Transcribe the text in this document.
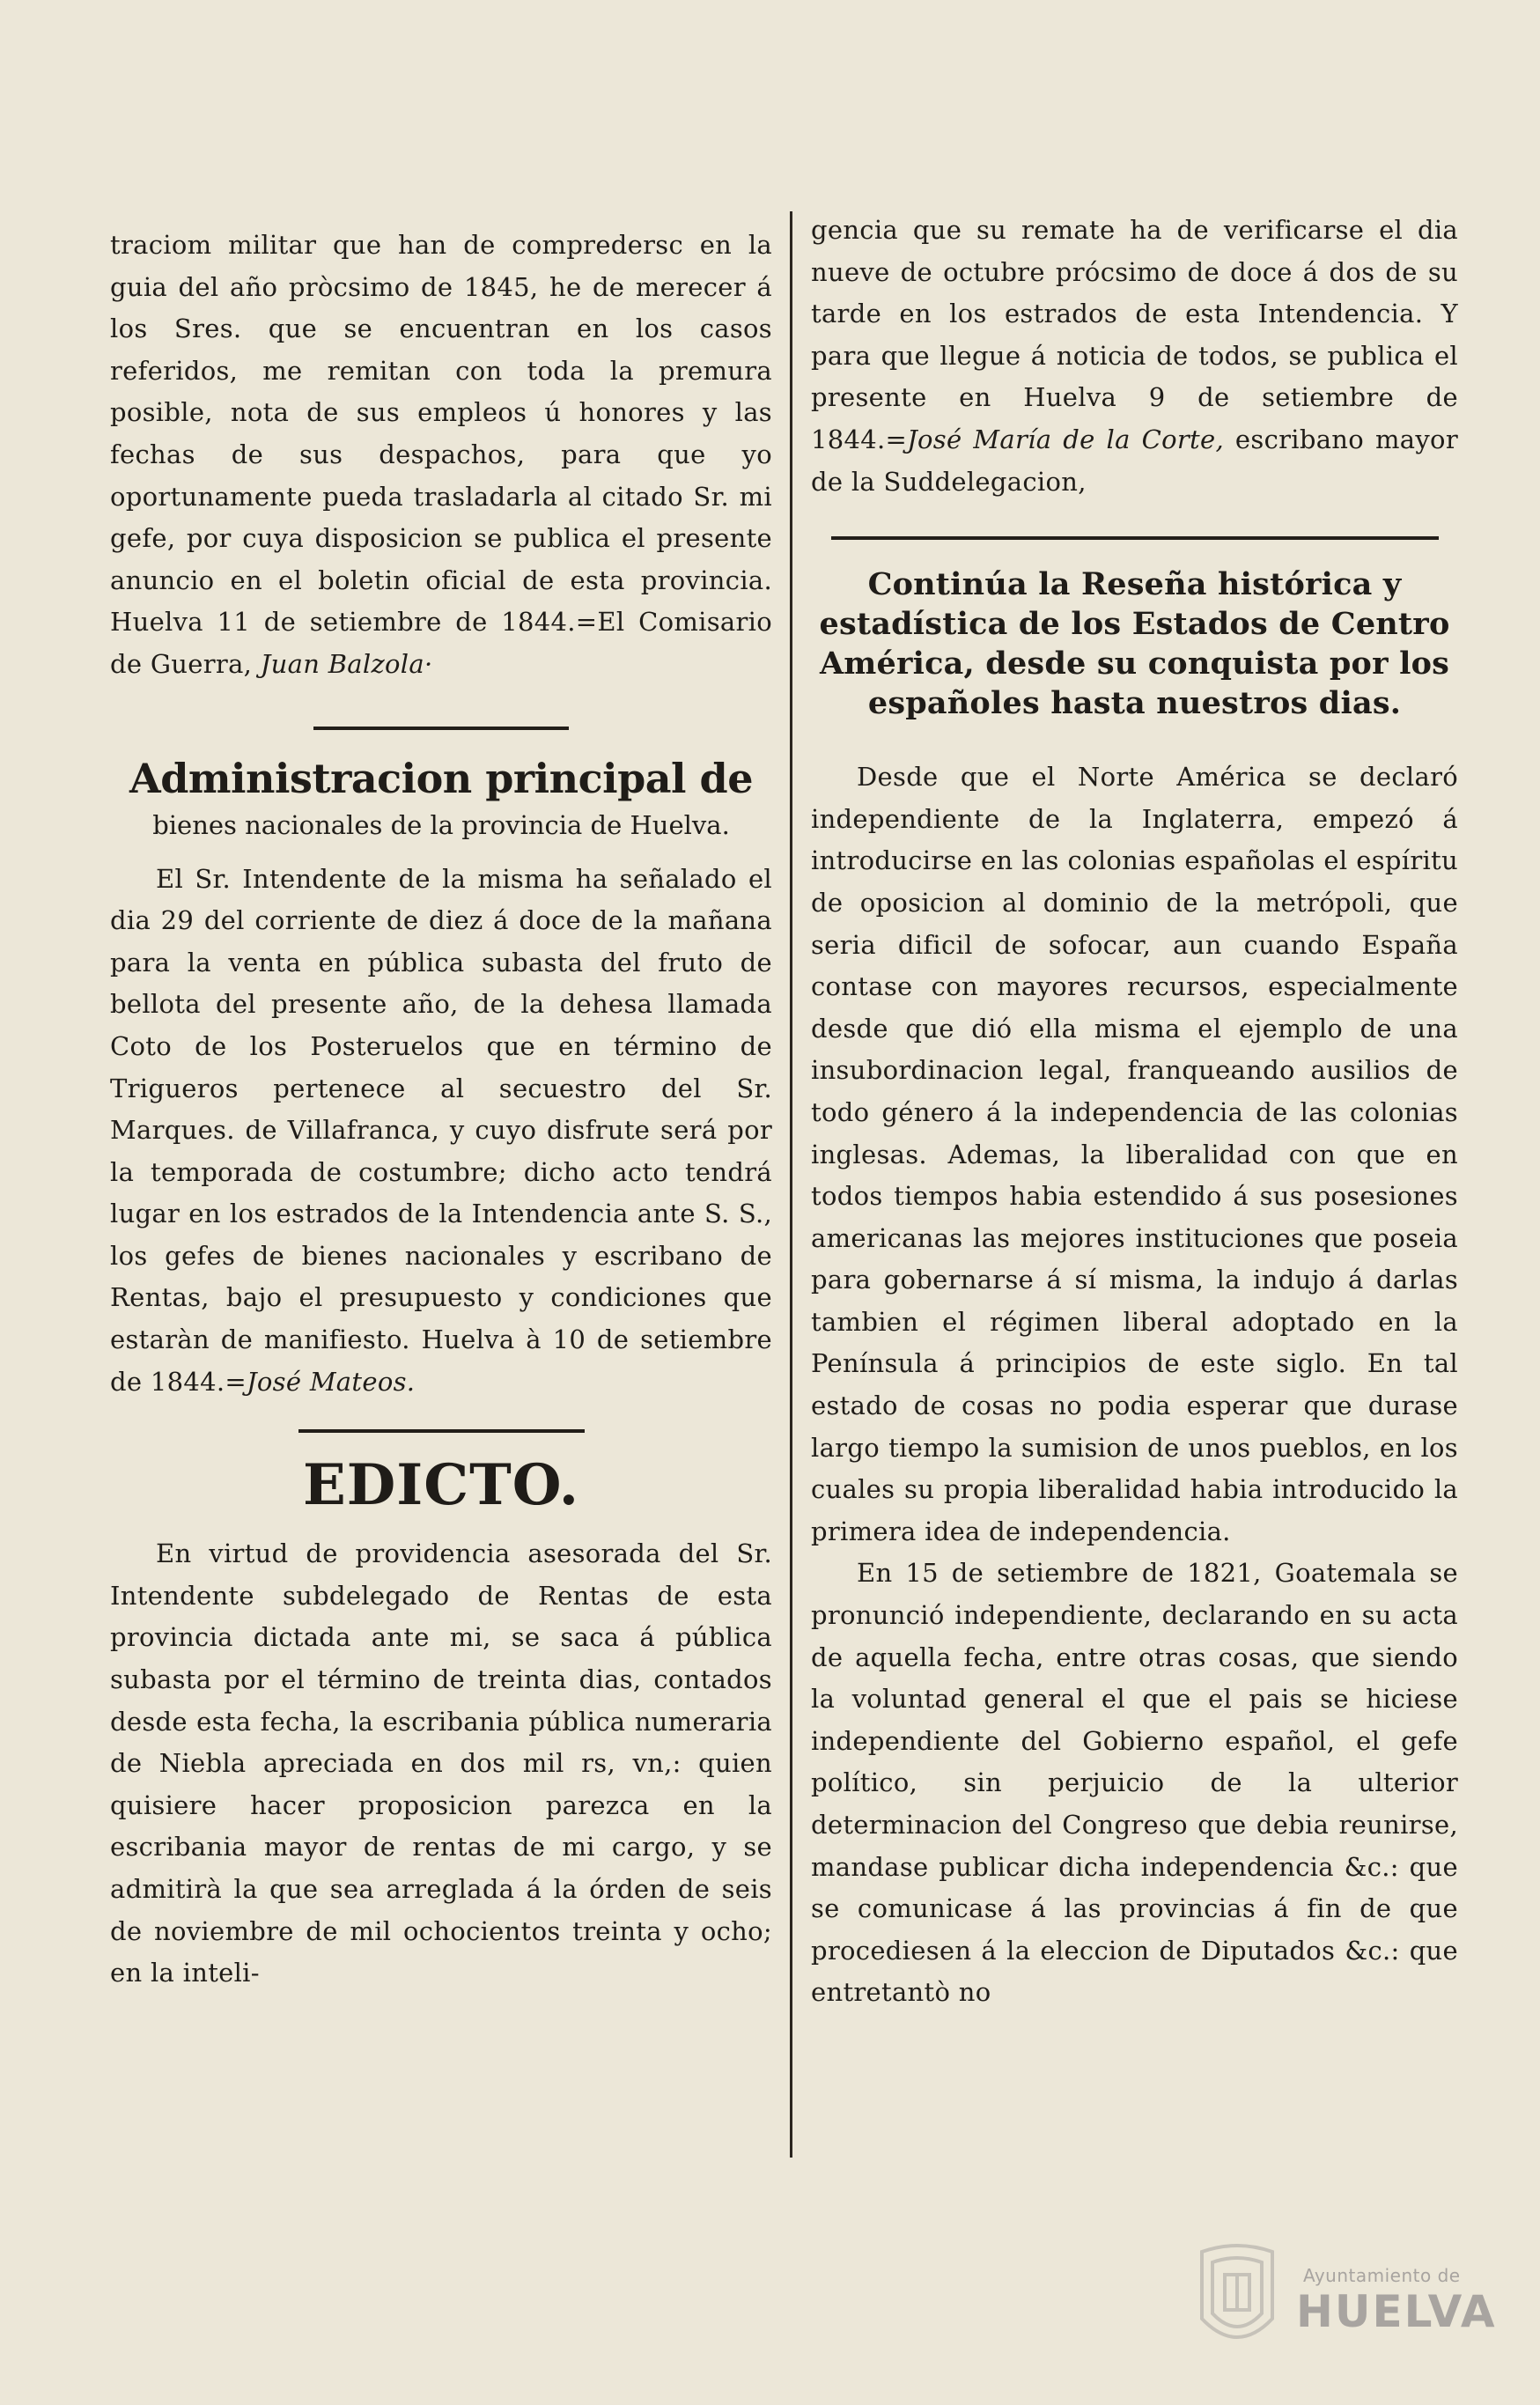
traciom militar que han de compredersc en la guia del año pròcsimo de 1845, he de merecer á los Sres. que se encuentran en los casos referidos, me remitan con toda la premura posible, nota de sus empleos ú honores y las fechas de sus despachos, para que yo oportunamente pueda trasladarla al citado Sr. mi gefe, por cuya disposicion se publica el presente anuncio en el boletin oficial de esta provincia. Huelva 11 de setiembre de 1844.=El Comisario de Guerra, Juan Balzola·

Administracion principal de

bienes nacionales de la provincia de Huelva.

El Sr. Intendente de la misma ha señalado el dia 29 del corriente de diez á doce de la mañana para la venta en pública subasta del fruto de bellota del presente año, de la dehesa llamada Coto de los Posteruelos que en término de Trigueros pertenece al secuestro del Sr. Marques. de Villafranca, y cuyo disfrute será por la temporada de costumbre; dicho acto tendrá lugar en los estrados de la Intendencia ante S. S., los gefes de bienes nacionales y escribano de Rentas, bajo el presupuesto y condiciones que estaràn de manifiesto. Huelva à 10 de setiembre de 1844.=José Mateos.

EDICTO.

En virtud de providencia asesorada del Sr. Intendente subdelegado de Rentas de esta provincia dictada ante mi, se saca á pública subasta por el término de treinta dias, contados desde esta fecha, la escribania pública numeraria de Niebla apreciada en dos mil rs, vn,: quien quisiere hacer proposicion parezca en la escribania mayor de rentas de mi cargo, y se admitirà la que sea arreglada á la órden de seis de noviembre de mil ochocientos treinta y ocho; en la inteli-

gencia que su remate ha de verificarse el dia nueve de octubre prócsimo de doce á dos de su tarde en los estrados de esta Intendencia. Y para que llegue á noticia de todos, se publica el presente en Huelva 9 de setiembre de 1844.=José María de la Corte, escribano mayor de la Suddelegacion,

Continúa la Reseña histórica y estadística de los Estados de Centro América, desde su conquista por los españoles hasta nuestros dias.

Desde que el Norte América se declaró independiente de la Inglaterra, empezó á introducirse en las colonias españolas el espíritu de oposicion al dominio de la metrópoli, que seria dificil de sofocar, aun cuando España contase con mayores recursos, especialmente desde que dió ella misma el ejemplo de una insubordinacion legal, franqueando ausilios de todo género á la independencia de las colonias inglesas. Ademas, la liberalidad con que en todos tiempos habia estendido á sus posesiones americanas las mejores instituciones que poseia para gobernarse á sí misma, la indujo á darlas tambien el régimen liberal adoptado en la Península á principios de este siglo. En tal estado de cosas no podia esperar que durase largo tiempo la sumision de unos pueblos, en los cuales su propia liberalidad habia introducido la primera idea de independencia.

En 15 de setiembre de 1821, Goatemala se pronunció independiente, declarando en su acta de aquella fecha, entre otras cosas, que siendo la voluntad general el que el pais se hiciese independiente del Gobierno español, el gefe político, sin perjuicio de la ulterior determinacion del Congreso que debia reunirse, mandase publicar dicha independencia &c.: que se comunicase á las provincias á fin de que procediesen á la eleccion de Diputados &c.: que entretantò no

Ayuntamiento de
HUELVA
